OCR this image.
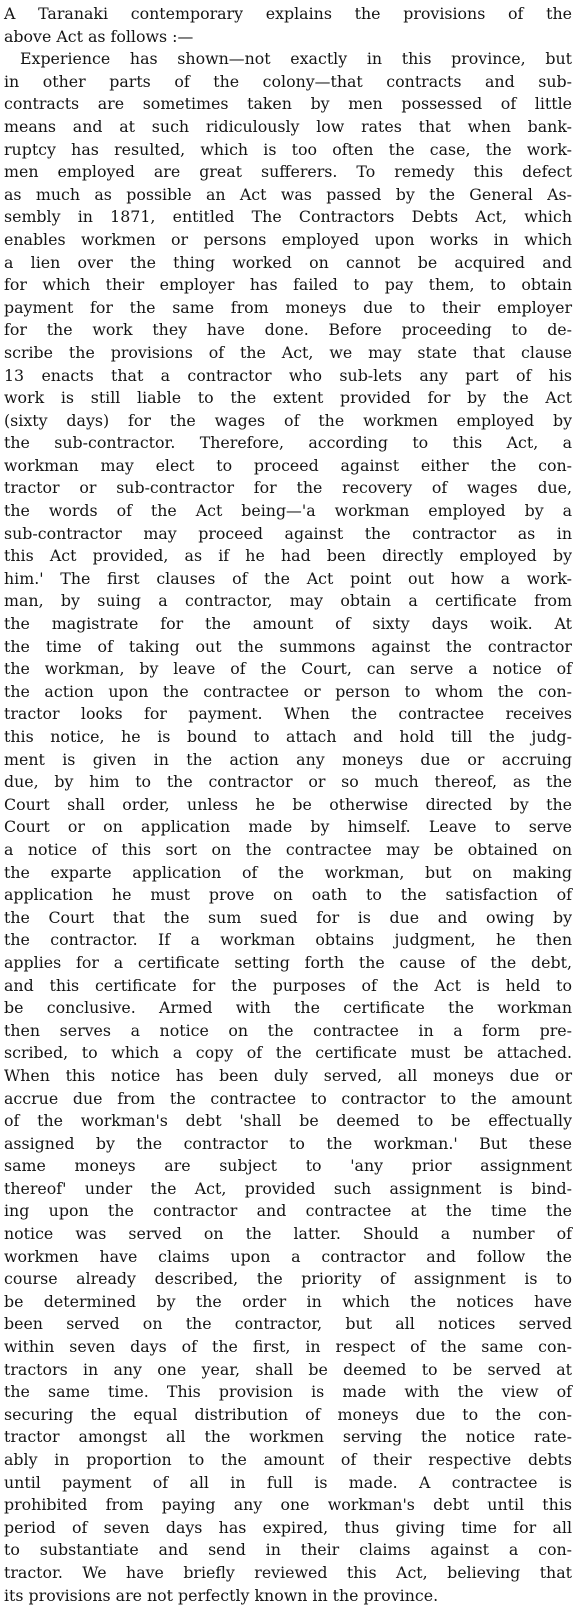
A Taranaki contemporary explains the provisions of the
above Act as follows :—
Experience has shown—not exactly in this province, but
in other parts of the colony—that contracts and sub-
contracts are sometimes taken by men possessed of little
means and at such ridiculously low rates that when bank-
ruptcy has resulted, which is too often the case, the work-
men employed are great sufferers. To remedy this defect
as much as possible an Act was passed by the General As-
sembly in 1871, entitled The Contractors Debts Act, which
enables workmen or persons employed upon works in which
a lien over the thing worked on cannot be acquired and
for which their employer has failed to pay them, to obtain
payment for the same from moneys due to their employer
for the work they have done. Before proceeding to de-
scribe the provisions of the Act, we may state that clause
13 enacts that a contractor who sub-lets any part of his
work is still liable to the extent provided for by the Act
(sixty days) for the wages of the workmen employed by
the sub-contractor. Therefore, according to this Act, a
workman may elect to proceed against either the con-
tractor or sub-contractor for the recovery of wages due,
the words of the Act being—'a workman employed by a
sub-contractor may proceed against the contractor as in
this Act provided, as if he had been directly employed by
him.' The first clauses of the Act point out how a work-
man, by suing a contractor, may obtain a certificate from
the magistrate for the amount of sixty days woik. At
the time of taking out the summons against the contractor
the workman, by leave of the Court, can serve a notice of
the action upon the contractee or person to whom the con-
tractor looks for payment. When the contractee receives
this notice, he is bound to attach and hold till the judg-
ment is given in the action any moneys due or accruing
due, by him to the contractor or so much thereof, as the
Court shall order, unless he be otherwise directed by the
Court or on application made by himself. Leave to serve
a notice of this sort on the contractee may be obtained on
the exparte application of the workman, but on making
application he must prove on oath to the satisfaction of
the Court that the sum sued for is due and owing by
the contractor. If a workman obtains judgment, he then
applies for a certificate setting forth the cause of the debt,
and this certificate for the purposes of the Act is held to
be conclusive. Armed with the certificate the workman
then serves a notice on the contractee in a form pre-
scribed, to which a copy of the certificate must be attached.
When this notice has been duly served, all moneys due or
accrue due from the contractee to contractor to the amount
of the workman's debt 'shall be deemed to be effectually
assigned by the contractor to the workman.' But these
same moneys are subject to 'any prior assignment
thereof' under the Act, provided such assignment is bind-
ing upon the contractor and contractee at the time the
notice was served on the latter. Should a number of
workmen have claims upon a contractor and follow the
course already described, the priority of assignment is to
be determined by the order in which the notices have
been served on the contractor, but all notices served
within seven days of the first, in respect of the same con-
tractors in any one year, shall be deemed to be served at
the same time. This provision is made with the view of
securing the equal distribution of moneys due to the con-
tractor amongst all the workmen serving the notice rate-
ably in proportion to the amount of their respective debts
until payment of all in full is made. A contractee is
prohibited from paying any one workman's debt until this
period of seven days has expired, thus giving time for all
to substantiate and send in their claims against a con-
tractor. We have briefly reviewed this Act, believing that
its provisions are not perfectly known in the province.
